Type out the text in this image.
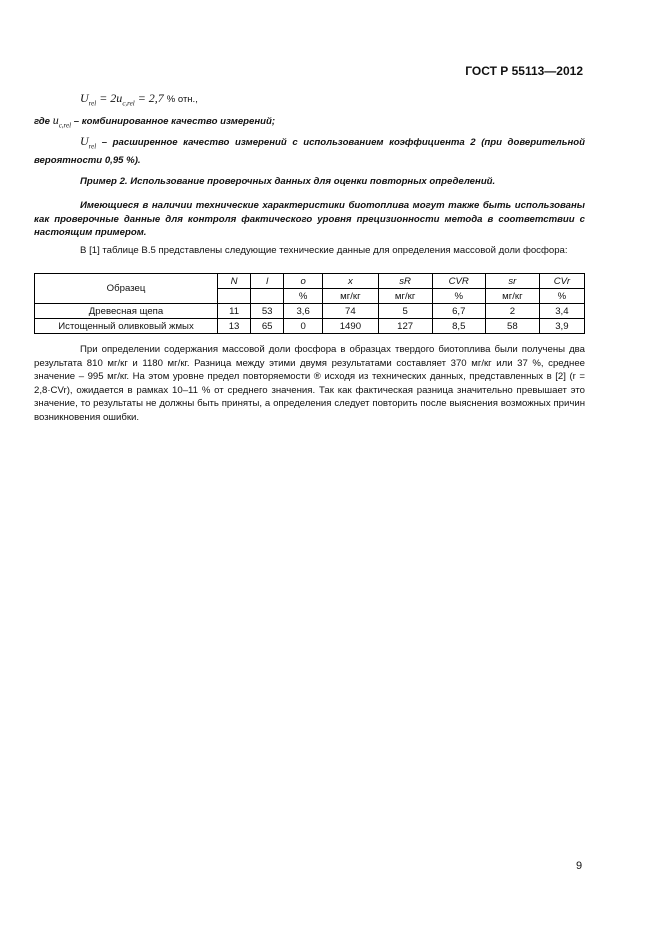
ГОСТ Р 55113—2012
$U_{rel} = 2u_{c,rel} = 2,7$ % отн.,
где $u_{c,rel}$ – комбинированное качество измерений;
$U_{rel}$ – расширенное качество измерений с использованием коэффициента 2 (при доверительной вероятности 0,95 %).
Пример 2. Использование проверочных данных для оценки повторных определений.
Имеющиеся в наличии технические характеристики биотоплива могут также быть использованы как проверочные данные для контроля фактического уровня прецизионности метода в соответствии с настоящим примером.
В [1] таблице В.5 представлены следующие технические данные для определения массовой доли фосфора:
Образец	N	l	o	x	sR	CVR	sr	CVr
			%	мг/кг	мг/кг	%	мг/кг	%
Древесная щепа	11	53	3,6	74	5	6,7	2	3,4
Истощенный оливковый жмых	13	65	0	1490	127	8,5	58	3,9
При определении содержания массовой доли фосфора в образцах твердого биотоплива были получены два результата 810 мг/кг и 1180 мг/кг. Разница между этими двумя результатами составляет 370 мг/кг или 37 %, среднее значение – 995 мг/кг. На этом уровне предел повторяемости ® исходя из технических данных, представленных в [2] (r = 2,8·CVr), ожидается в рамках 10–11 % от среднего значения. Так как фактическая разница значительно превышает это значение, то результаты не должны быть приняты, а определения следует повторить после выяснения возможных причин возникновения ошибки.
9
